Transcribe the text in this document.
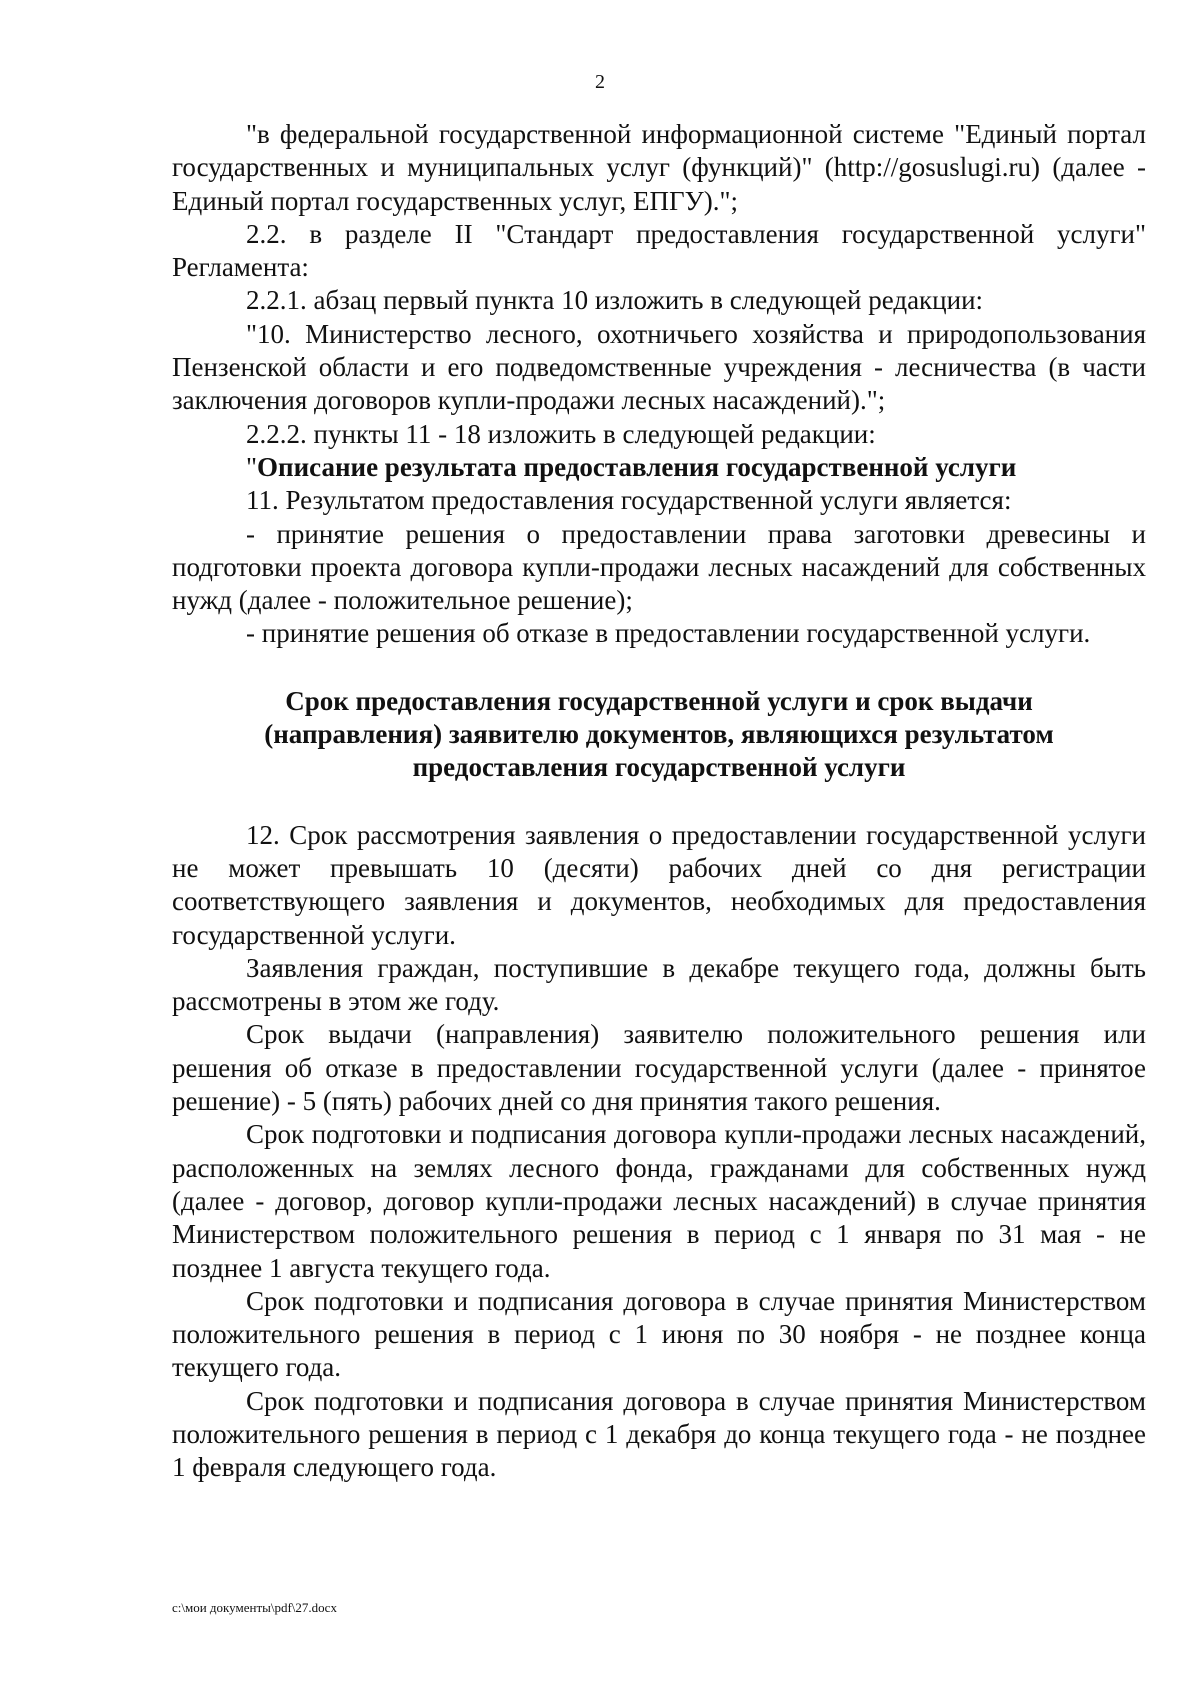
2

"в федеральной государственной информационной системе "Единый портал государственных и муниципальных услуг (функций)" (http://gosuslugi.ru) (далее - Единый портал государственных услуг, ЕПГУ).";

2.2. в разделе II "Стандарт предоставления государственной услуги" Регламента:

2.2.1. абзац первый пункта 10 изложить в следующей редакции:

"10. Министерство лесного, охотничьего хозяйства и природопользования Пензенской области и его подведомственные учреждения - лесничества (в части заключения договоров купли-продажи лесных насаждений).";

2.2.2. пункты 11 - 18 изложить в следующей редакции:

"Описание результата предоставления государственной услуги

11. Результатом предоставления государственной услуги является:

- принятие решения о предоставлении права заготовки древесины и подготовки проекта договора купли-продажи лесных насаждений для собственных нужд (далее - положительное решение);

- принятие решения об отказе в предоставлении государственной услуги.

Срок предоставления государственной услуги и срок выдачи
(направления) заявителю документов, являющихся результатом
предоставления государственной услуги

12. Срок рассмотрения заявления о предоставлении государственной услуги не может превышать 10 (десяти) рабочих дней со дня регистрации соответствующего заявления и документов, необходимых для предоставления государственной услуги.

Заявления граждан, поступившие в декабре текущего года, должны быть рассмотрены в этом же году.

Срок выдачи (направления) заявителю положительного решения или решения об отказе в предоставлении государственной услуги (далее - принятое решение) - 5 (пять) рабочих дней со дня принятия такого решения.

Срок подготовки и подписания договора купли-продажи лесных насаждений, расположенных на землях лесного фонда, гражданами для собственных нужд (далее - договор, договор купли-продажи лесных насаждений) в случае принятия Министерством положительного решения в период с 1 января по 31 мая - не позднее 1 августа текущего года.

Срок подготовки и подписания договора в случае принятия Министерством положительного решения в период с 1 июня по 30 ноября - не позднее конца текущего года.

Срок подготовки и подписания договора в случае принятия Министерством положительного решения в период с 1 декабря до конца текущего года - не позднее 1 февраля следующего года.

c:\мои документы\pdf\27.docx
